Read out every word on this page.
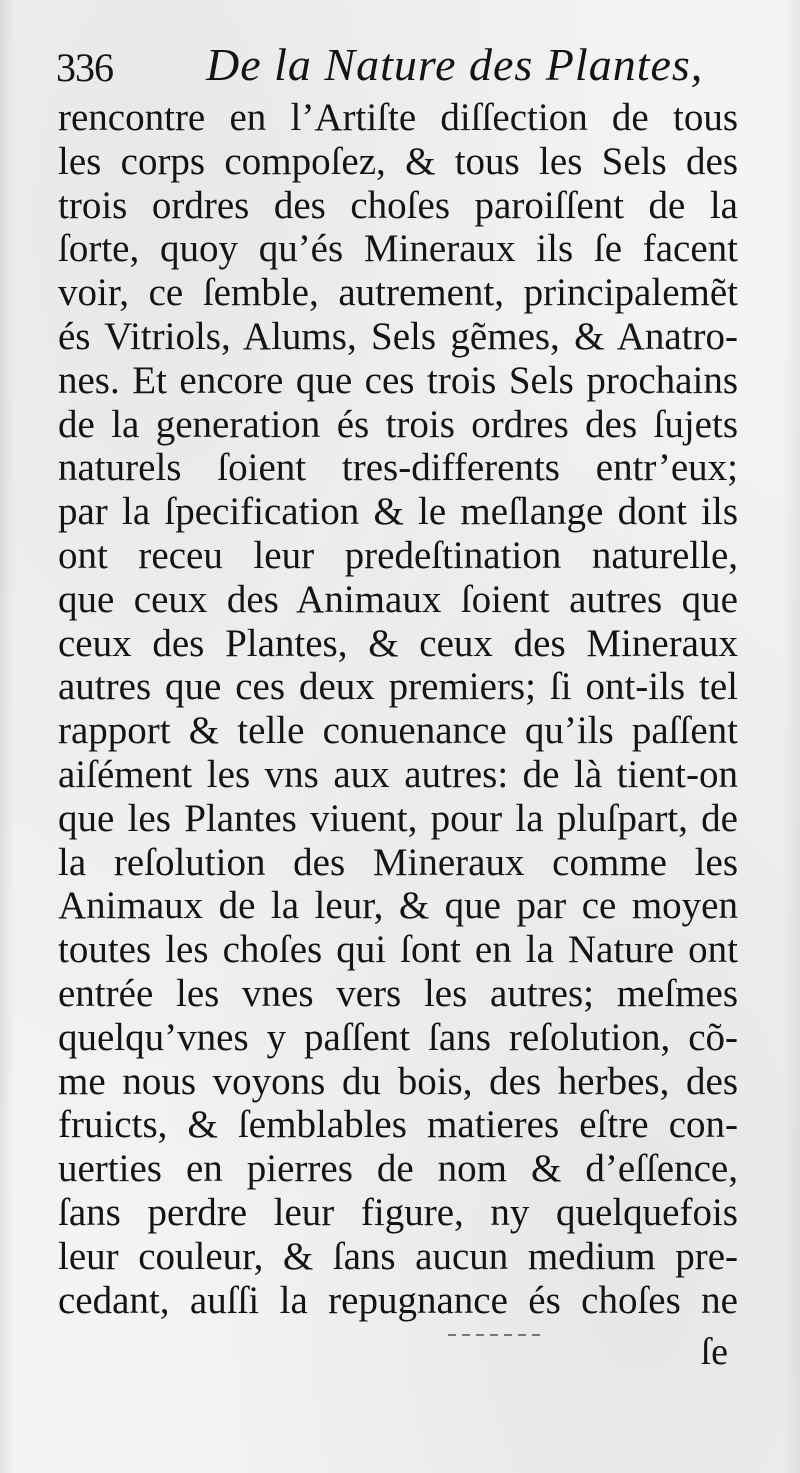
336 De la Nature des Plantes,
rencontre en l’Artiſte diſſection de tous
les corps compoſez, & tous les Sels des
trois ordres des choſes paroiſſent de la
ſorte, quoy qu’és Mineraux ils ſe facent
voir, ce ſemble, autrement, principalemẽt
és Vitriols, Alums, Sels gẽmes, & Anatro-
nes. Et encore que ces trois Sels prochains
de la generation és trois ordres des ſujets
naturels ſoient tres-differents entr’eux;
par la ſpecification & le meſlange dont ils
ont receu leur predeſtination naturelle,
que ceux des Animaux ſoient autres que
ceux des Plantes, & ceux des Mineraux
autres que ces deux premiers; ſi ont-ils tel
rapport & telle conuenance qu’ils paſſent
aiſément les vns aux autres: de là tient-on
que les Plantes viuent, pour la pluſpart, de
la reſolution des Mineraux comme les
Animaux de la leur, & que par ce moyen
toutes les choſes qui ſont en la Nature ont
entrée les vnes vers les autres; meſmes
quelqu’vnes y paſſent ſans reſolution, cõ-
me nous voyons du bois, des herbes, des
fruicts, & ſemblables matieres eſtre con-
uerties en pierres de nom & d’eſſence,
ſans perdre leur figure, ny quelquefois
leur couleur, & ſans aucun medium pre-
cedant, auſſi la repugnance és choſes ne
ſe
